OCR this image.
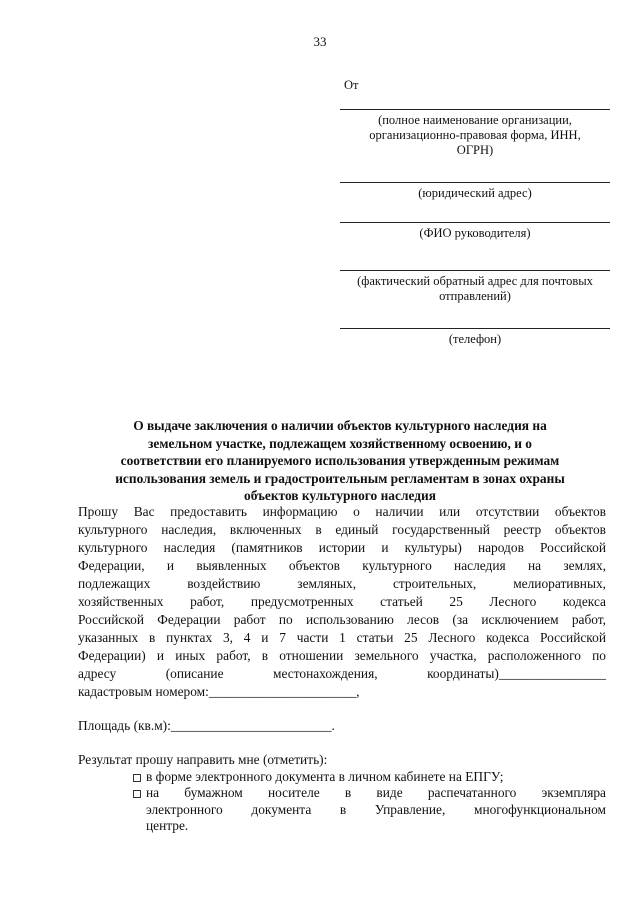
33
От
(полное наименование организации,
организационно-правовая форма, ИНН,
ОГРН)
(юридический адрес)
(ФИО руководителя)
(фактический обратный адрес для почтовых
отправлений)
(телефон)
О выдаче заключения о наличии объектов культурного наследия на
земельном участке, подлежащем хозяйственному освоению, и о
соответствии его планируемого использования утвержденным режимам
использования земель и градостроительным регламентам в зонах охраны
объектов культурного наследия
Прошу Вас предоставить информацию о наличии или отсутствии объектов
культурного наследия, включенных в единый государственный реестр объектов
культурного наследия (памятников истории и культуры) народов Российской
Федерации, и выявленных объектов культурного наследия на землях,
подлежащих воздействию земляных, строительных, мелиоративных,
хозяйственных работ, предусмотренных статьей 25 Лесного кодекса
Российской Федерации работ по использованию лесов (за исключением работ,
указанных в пунктах 3, 4 и 7 части 1 статьи 25 Лесного кодекса Российской
Федерации) и иных работ, в отношении земельного участка, расположенного по
адресу (описание местонахождения, координаты)________________
кадастровым номером:______________________,
Площадь (кв.м):________________________.
Результат прошу направить мне (отметить):
в форме электронного документа в личном кабинете на ЕПГУ;
на бумажном носителе в виде распечатанного экземпляра
электронного документа в Управление, многофункциональном
центре.
